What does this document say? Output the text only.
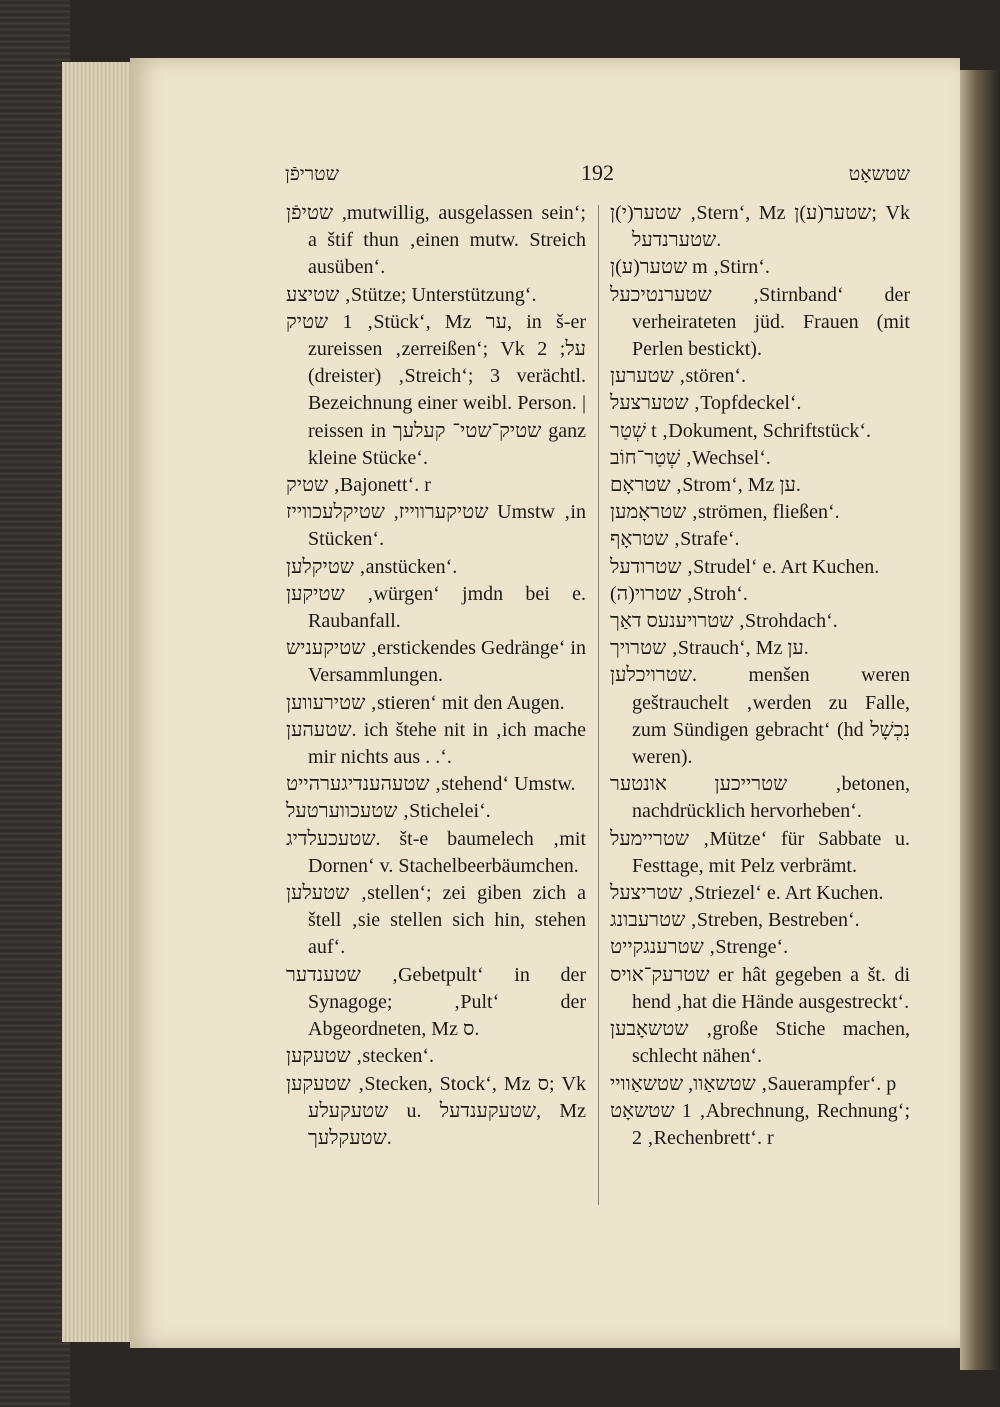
שטריפֿן	192	שטשאָט

שטיפֿן ,mutwillig, ausgelassen sein‘; a štif thun ‚einen mutw. Streich ausüben‘.

שטיצע ‚Stütze; Unterstützung‘.

שטיק 1 ‚Stück‘, Mz ער, in š-er zureissen ‚zerreißen‘; Vk על; 2 (dreister) ‚Streich‘; 3 verächtl. Bezeichnung einer weibl. Person. | reissen in שטיק־שטי־ קעלעך ganz kleine Stücke‘.

שטיק ‚Bajonett‘. r

שטיקערווייז, שטיקלעכווייז Umstw ‚in Stücken‘.

שטיקלען ‚anstücken‘.

שטיקען ‚würgen‘ jmdn bei e. Raubanfall.

שטיקעניש ‚erstickendes Gedränge‘ in Versammlungen.

שטירעווען ‚stieren‘ mit den Augen.

שטעהען. ich štehe nit in ‚ich mache mir nichts aus . .‘.

שטעהענדיגערהייט ‚stehend‘ Umstw.

שטעכווערטעל ‚Stichelei‘.

שטעכעלדיג. št-e baumelech ‚mit Dornen‘ v. Stachelbeerbäumchen.

שטעלען ‚stellen‘; zei giben zich a štell ‚sie stellen sich hin, stehen auf‘.

שטענדער ‚Gebetpult‘ in der Synagoge; ‚Pult‘ der Abgeordneten, Mz ס.

שטעקען ‚stecken‘.

שטעקען ‚Stecken, Stock‘, Mz ס; Vk שטעקעלע u. שטעקענדעל, Mz שטעקלעך.

שטער(י)ן ‚Stern‘, Mz שטער(ע)ן; Vk שטערנדעל.

שטער(ע)ן m ‚Stirn‘.

שטערנטיכעל ‚Stirnband‘ der verheirateten jüd. Frauen (mit Perlen bestickt).

שטערען ‚stören‘.

שטערצעל ‚Topfdeckel‘.

שְׁטַר t ‚Dokument, Schriftstück‘.

שְׁטַר־חוֹב ‚Wechsel‘.

שטראָם ‚Strom‘, Mz ען.

שטראָמען ‚strömen, fließen‘.

שטראָף ‚Strafe‘.

שטרודעל ‚Strudel‘ e. Art Kuchen.

שטרוי(ה) ‚Stroh‘.

שטרויענעס דאַך ‚Strohdach‘.

שטרויך ‚Strauch‘, Mz ען.

שטרויכלען. menšen weren geštrauchelt ‚werden zu Falle, zum Sündigen gebracht‘ (hd נִכְשָׁל weren).

שטרייכען אונטער ‚betonen, nachdrücklich hervorheben‘.

שטריימעל ‚Mütze‘ für Sabbate u. Festtage, mit Pelz verbrämt.

שטריצעל ‚Striezel‘ e. Art Kuchen.

שטרעבונג ‚Streben, Bestreben‘.

שטרענגקייט ‚Strenge‘.

שטרעק־אויס er hât gegeben a št. di hend ‚hat die Hände ausgestreckt‘.

שטשאָבען ‚große Stiche machen, schlecht nähen‘.

שטשאַוו, שטשאַוויי ‚Sauerampfer‘. p

שטשאָט 1 ‚Abrechnung, Rechnung‘; 2 ‚Rechenbrett‘. r
